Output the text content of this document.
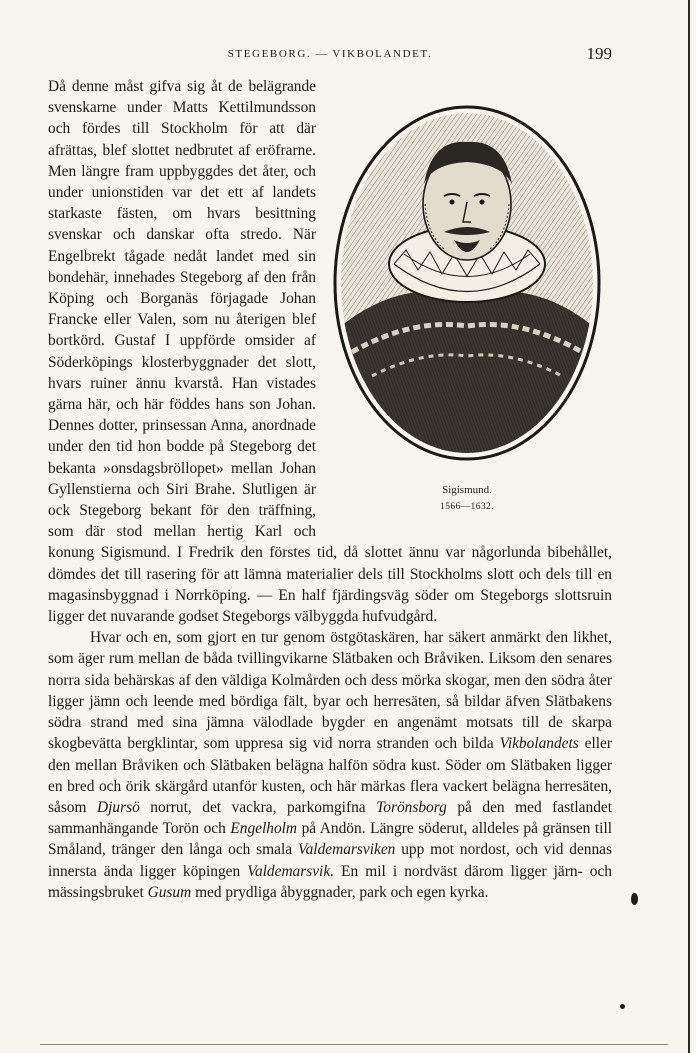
STEGEBORG. — VIKBOLANDET.	199
Sigismund.
1566—1632.

Då denne måst gifva sig åt de belägrande svenskarne under Matts Kettilmundsson och fördes till Stockholm för att där afrättas, blef slottet nedbrutet af eröfrarne. Men längre fram uppbyggdes det åter, och under unionstiden var det ett af landets starkaste fästen, om hvars besittning svenskar och danskar ofta stredo. När Engelbrekt tågade nedåt landet med sin bondehär, innehades Stegeborg af den från Köping och Borganäs förjagade Johan Francke eller Valen, som nu återigen blef bortkörd. Gustaf I uppförde omsider af Söderköpings klosterbyggnader det slott, hvars ruiner ännu kvarstå. Han vistades gärna här, och här föddes hans son Johan. Dennes dotter, prinsessan Anna, anordnade under den tid hon bodde på Stegeborg det bekanta »onsdagsbröllopet» mellan Johan Gyllenstierna och Siri Brahe. Slutligen är ock Stegeborg bekant för den träffning, som där stod mellan hertig Karl och konung Sigismund. I Fredrik den förstes tid, då slottet ännu var någorlunda bibehållet, dömdes det till rasering för att lämna materialier dels till Stockholms slott och dels till en magasinsbyggnad i Norrköping. — En half fjärdingsväg söder om Stegeborgs slottsruin ligger det nuvarande godset Stegeborgs välbyggda hufvudgård.

Hvar och en, som gjort en tur genom östgötaskären, har säkert anmärkt den likhet, som äger rum mellan de båda tvillingvikarne Slätbaken och Bråviken. Liksom den senares norra sida behärskas af den väldiga Kolmården och dess mörka skogar, men den södra åter ligger jämn och leende med bördiga fält, byar och herresäten, så bildar äfven Slätbakens södra strand med sina jämna välodlade bygder en angenämt motsats till de skarpa skogbevätta bergklintar, som uppresa sig vid norra stranden och bilda Vikbolandets eller den mellan Bråviken och Slätbaken belägna halfön södra kust. Söder om Slätbaken ligger en bred och örik skärgård utanför kusten, och här märkas flera vackert belägna herresäten, såsom Djursö norrut, det vackra, parkomgifna Torönsborg på den med fastlandet sammanhängande Torön och Engelholm på Andön. Längre söderut, alldeles på gränsen till Småland, tränger den långa och smala Valdemarsviken upp mot nordost, och vid dennas innersta ända ligger köpingen Valdemarsvik. En mil i nordväst därom ligger järn- och mässingsbruket Gusum med prydliga åbyggnader, park och egen kyrka.
